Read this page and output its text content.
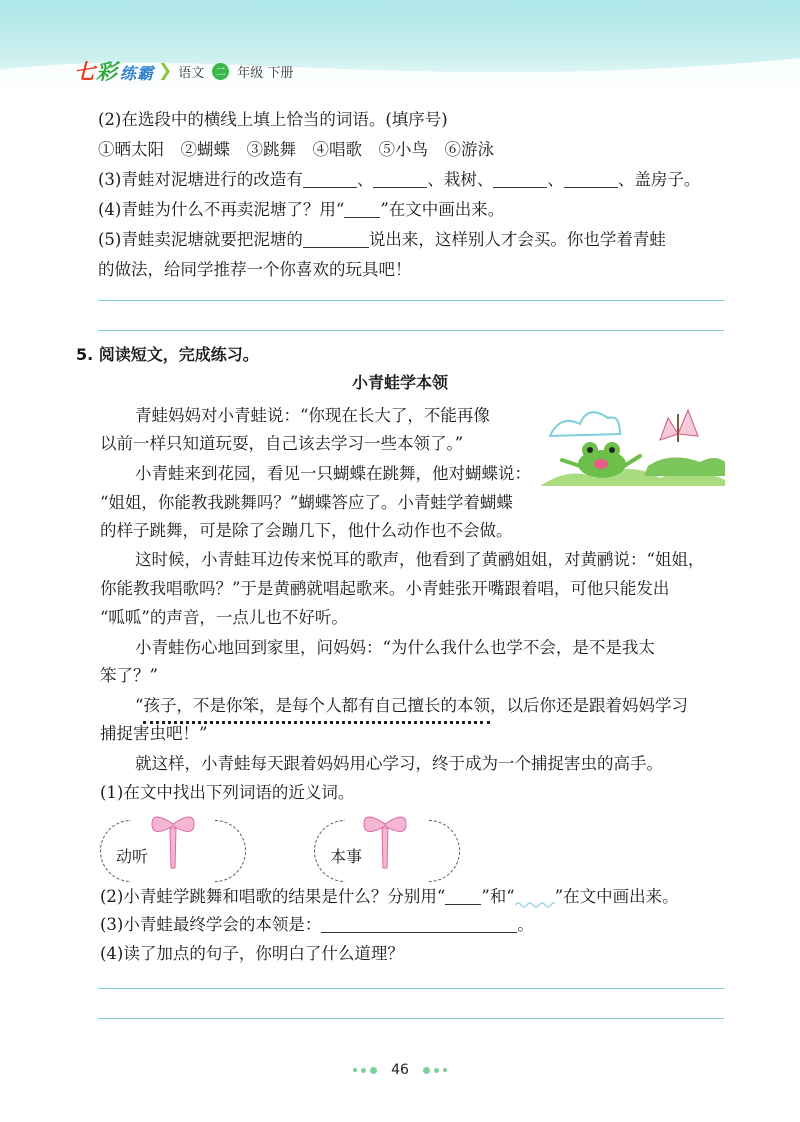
七彩 练霸 ❯ 语文 二 年级 下册
(2)在选段中的横线上填上恰当的词语。(填序号)
①晒太阳　②蝴蝶　③跳舞　④唱歌　⑤小鸟　⑥游泳
(3)青蛙对泥塘进行的改造有	、	、栽树、	、	、盖房子。
(4)青蛙为什么不再卖泥塘了？用“ ”在文中画出来。
(5)青蛙卖泥塘就要把泥塘的	说出来，这样别人才会买。你也学着青蛙
的做法，给同学推荐一个你喜欢的玩具吧！
5. 阅读短文，完成练习。
小青蛙学本领
青蛙妈妈对小青蛙说：“你现在长大了，不能再像
以前一样只知道玩耍，自己该去学习一些本领了。”
小青蛙来到花园，看见一只蝴蝶在跳舞，他对蝴蝶说：
“姐姐，你能教我跳舞吗？”蝴蝶答应了。小青蛙学着蝴蝶
的样子跳舞，可是除了会蹦几下，他什么动作也不会做。
这时候，小青蛙耳边传来悦耳的歌声，他看到了黄鹂姐姐，对黄鹂说：“姐姐，
你能教我唱歌吗？”于是黄鹂就唱起歌来。小青蛙张开嘴跟着唱，可他只能发出
“呱呱”的声音，一点儿也不好听。
小青蛙伤心地回到家里，问妈妈：“为什么我什么也学不会，是不是我太
笨了？”
“孩子，不是你笨，是每个人都有自己擅长的本领，以后你还是跟着妈妈学习
捕捉害虫吧！”
就这样，小青蛙每天跟着妈妈用心学习，终于成为一个捕捉害虫的高手。
(1)在文中找出下列词语的近义词。
动听	本事
(2)小青蛙学跳舞和唱歌的结果是什么？分别用“ ”和“ ”在文中画出来。
(3)小青蛙最终学会的本领是：	。
(4)读了加点的句子，你明白了什么道理？
46
